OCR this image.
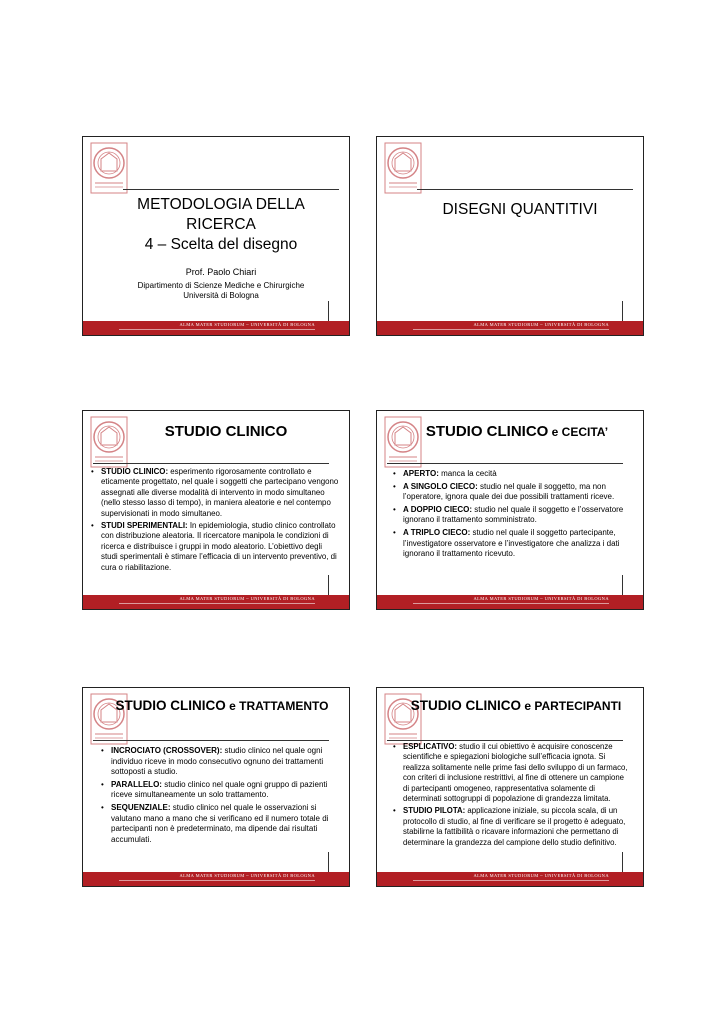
METODOLOGIA DELLA
RICERCA
4 – Scelta del disegno
Prof. Paolo Chiari
Dipartimento di Scienze Mediche e Chirurgiche
Università di Bologna
ALMA MATER STUDIORUM ~ UNIVERSITÀ DI BOLOGNA
DISEGNI QUANTITIVI
ALMA MATER STUDIORUM ~ UNIVERSITÀ DI BOLOGNA
STUDIO CLINICO
• STUDIO CLINICO: esperimento rigorosamente controllato e eticamente progettato, nel quale i soggetti che partecipano vengono assegnati alle diverse modalità di intervento in modo simultaneo (nello stesso lasso di tempo), in maniera aleatorie e nel contempo supervisionati in modo simultaneo.
• STUDI SPERIMENTALI: In epidemiologia, studio clinico controllato con distribuzione aleatoria. Il ricercatore manipola le condizioni di ricerca e distribuisce i gruppi in modo aleatorio. L’obiettivo degli studi sperimentali è stimare l’efficacia di un intervento preventivo, di cura o riabilitazione.
ALMA MATER STUDIORUM ~ UNIVERSITÀ DI BOLOGNA
STUDIO CLINICO e CECITA’
• APERTO: manca la cecità
• A SINGOLO CIECO: studio nel quale il soggetto, ma non l’operatore, ignora quale dei due possibili trattamenti riceve.
• A DOPPIO CIECO: studio nel quale il soggetto e l’osservatore ignorano il trattamento somministrato.
• A TRIPLO CIECO: studio nel quale il soggetto partecipante, l’investigatore osservatore e l’investigatore che analizza i dati ignorano il trattamento ricevuto.
ALMA MATER STUDIORUM ~ UNIVERSITÀ DI BOLOGNA
STUDIO CLINICO e TRATTAMENTO
• INCROCIATO (CROSSOVER): studio clinico nel quale ogni individuo riceve in modo consecutivo ognuno dei trattamenti sottoposti a studio.
• PARALLELO: studio clinico nel quale ogni gruppo di pazienti riceve simultaneamente un solo trattamento.
• SEQUENZIALE: studio clinico nel quale le osservazioni si valutano mano a mano che si verificano ed il numero totale di partecipanti non è predeterminato, ma dipende dai risultati accumulati.
ALMA MATER STUDIORUM ~ UNIVERSITÀ DI BOLOGNA
STUDIO CLINICO e PARTECIPANTI
• ESPLICATIVO: studio il cui obiettivo è acquisire conoscenze scientifiche e spiegazioni biologiche sull’efficacia ignota. Si realizza solitamente nelle prime fasi dello sviluppo di un farmaco, con criteri di inclusione restrittivi, al fine di ottenere un campione di partecipanti omogeneo, rappresentativa solamente di determinati sottogruppi di popolazione di grandezza limitata.
• STUDIO PILOTA: applicazione iniziale, su piccola scala, di un protocollo di studio, al fine di verificare se il progetto è adeguato, stabilirne la fattibilità o ricavare informazioni che permettano di determinare la grandezza del campione dello studio definitivo.
ALMA MATER STUDIORUM ~ UNIVERSITÀ DI BOLOGNA
